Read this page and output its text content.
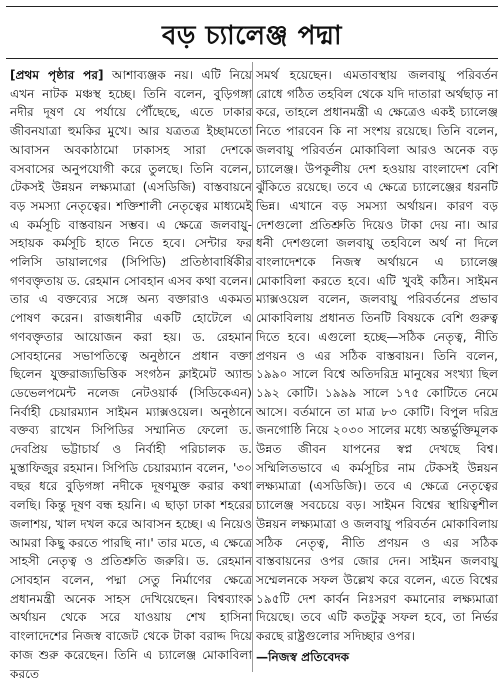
বড় চ্যালেঞ্জ পদ্মা

[প্রথম পৃষ্ঠার পর] আশাব্যঞ্জক নয়। এটি নিয়ে এখন নাটক মঞ্চস্থ হচ্ছে। তিনি বলেন, বুড়িগঙ্গা নদীর দূষণ যে পর্যায়ে পৌঁছেছে, এতে ঢাকার জীবনযাত্রা হুমকির মুখে। আর যত্রতত্র ইচ্ছামতো আবাসন অবকাঠামো ঢাকাসহ সারা দেশকে বসবাসের অনুপযোগী করে তুলছে। তিনি বলেন, টেকসই উন্নয়ন লক্ষ্যমাত্রা (এসডিজি) বাস্তবায়নে বড় সমস্যা নেতৃত্বের। শক্তিশালী নেতৃত্বের মাধ্যমেই এ কর্মসূচি বাস্তবায়ন সম্ভব। এ ক্ষেত্রে জলবায়ু-সহায়ক কর্মসূচি হাতে নিতে হবে। সেন্টার ফর পলিসি ডায়ালগের (সিপিডি) প্রতিষ্ঠাবার্ষিকীর গণবক্তৃতায় ড. রেহমান সোবহান এসব কথা বলেন। তার এ বক্তব্যের সঙ্গে অন্য বক্তারাও একমত পোষণ করেন। রাজধানীর একটি হোটেলে এ গণবক্তৃতার আয়োজন করা হয়। ড. রেহমান সোবহানের সভাপতিত্বে অনুষ্ঠানে প্রধান বক্তা ছিলেন যুক্তরাজ্যভিত্তিক সংগঠন ক্লাইমেট অ্যান্ড ডেভেলপমেন্ট নলেজ নেটওয়ার্ক (সিডিকেএন) নির্বাহী চেয়ারম্যান সাইমন ম্যাক্সওয়েল। অনুষ্ঠানে বক্তব্য রাখেন সিপিডির সম্মানিত ফেলো ড. দেবপ্রিয় ভট্টাচার্য ও নির্বাহী পরিচালক ড. মুস্তাফিজুর রহমান। সিপিডি চেয়ারম্যান বলেন, '৩০ বছর ধরে বুড়িগঙ্গা নদীকে দূষণমুক্ত করার কথা বলছি। কিন্তু দূষণ বন্ধ হয়নি। এ ছাড়া ঢাকা শহরের জলাশয়, খাল দখল করে আবাসন হচ্ছে। এ নিয়েও আমরা কিছু করতে পারছি না।' তার মতে, এ ক্ষেত্রে সাহসী নেতৃত্ব ও প্রতিশ্রুতি জরুরি। ড. রেহমান সোবহান বলেন, পদ্মা সেতু নির্মাণের ক্ষেত্রে প্রধানমন্ত্রী অনেক সাহস দেখিয়েছেন। বিশ্বব্যাংক অর্থায়ন থেকে সরে যাওয়ায় শেখ হাসিনা বাংলাদেশের নিজস্ব বাজেট থেকে টাকা বরাদ্দ দিয়ে কাজ শুরু করেছেন। তিনি এ চ্যালেঞ্জ মোকাবিলা করতে

সমর্থ হয়েছেন। এমতাবস্থায় জলবায়ু পরিবর্তন রোধে গঠিত তহবিল থেকে যদি দাতারা অর্থছাড় না করে, তাহলে প্রধানমন্ত্রী এ ক্ষেত্রেও একই চ্যালেঞ্জ নিতে পারবেন কি না সংশয় রয়েছে। তিনি বলেন, জলবায়ু পরিবর্তন মোকাবিলা আরও অনেক বড় চ্যালেঞ্জ। উপকূলীয় দেশ হওয়ায় বাংলাদেশ বেশি ঝুঁকিতে রয়েছে। তবে এ ক্ষেত্রে চ্যালেঞ্জের ধরনটি ভিন্ন। এখানে বড় সমস্যা অর্থায়ন। কারণ বড় দেশগুলো প্রতিশ্রুতি দিয়েও টাকা দেয় না। আর ধনী দেশগুলো জলবায়ু তহবিলে অর্থ না দিলে বাংলাদেশকে নিজস্ব অর্থায়নে এ চ্যালেঞ্জ মোকাবিলা করতে হবে। এটি খুবই কঠিন। সাইমন ম্যাক্সওয়েল বলেন, জলবায়ু পরিবর্তনের প্রভাব মোকাবিলায় প্রধানত তিনটি বিষয়কে বেশি গুরুত্ব দিতে হবে। এগুলো হচ্ছে—সঠিক নেতৃত্ব, নীতি প্রণয়ন ও এর সঠিক বাস্তবায়ন। তিনি বলেন, ১৯৯০ সালে বিশ্বে অতিদরিদ্র মানুষের সংখ্যা ছিল ১৯২ কোটি। ১৯৯৯ সালে ১৭৫ কোটিতে নেমে আসে। বর্তমানে তা মাত্র ৮৩ কোটি। বিপুল দরিদ্র জনগোষ্ঠি নিয়ে ২০৩০ সালের মধ্যে অন্তর্ভুক্তিমূলক উন্নত জীবন যাপনের স্বপ্ন দেখছে বিশ্ব। সম্মিলিতভাবে এ কর্মসূচির নাম টেকসই উন্নয়ন লক্ষ্যমাত্রা (এসডিজি)। তবে এ ক্ষেত্রে নেতৃত্বের চ্যালেঞ্জ সবচেয়ে বড়। সাইমন বিশ্বের স্থায়িত্বশীল উন্নয়ন লক্ষ্যমাত্রা ও জলবায়ু পরিবর্তন মোকাবিলায় সঠিক নেতৃত্ব, নীতি প্রণয়ন ও এর সঠিক বাস্তবায়নের ওপর জোর দেন। সাইমন জলবায়ু সম্মেলনকে সফল উল্লেখ করে বলেন, এতে বিশ্বের ১৯৫টি দেশ কার্বন নিঃসরণ কমানোর লক্ষ্যমাত্রা দিয়েছে। তবে এটি কতটুকু সফল হবে, তা নির্ভর করছে রাষ্ট্রগুলোর সদিচ্ছার ওপর।

—নিজস্ব প্রতিবেদক
